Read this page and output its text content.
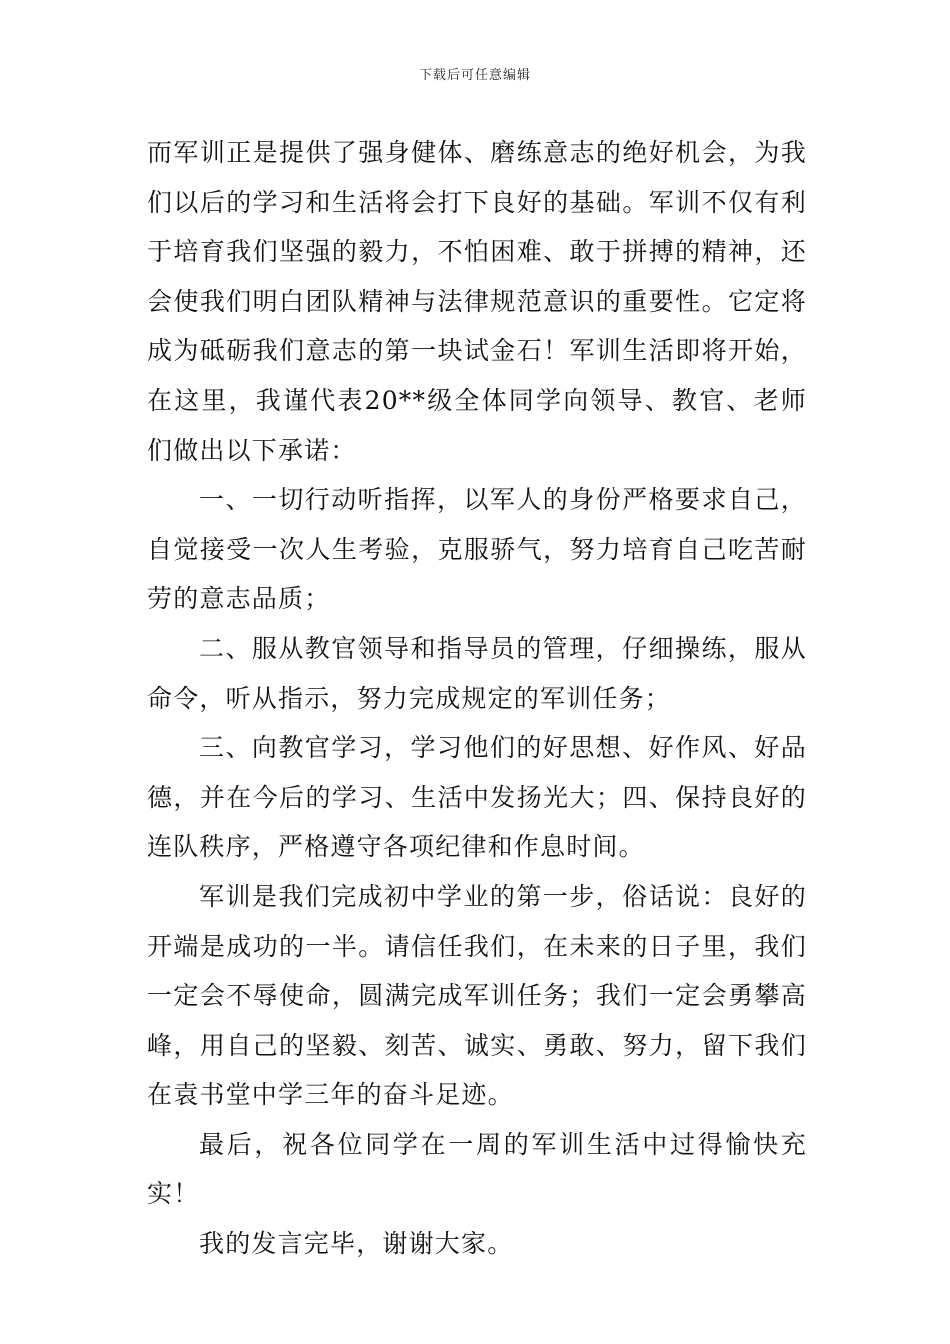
下载后可任意编辑

而军训正是提供了强身健体、磨练意志的绝好机会，为我们以后的学习和生活将会打下良好的基础。军训不仅有利于培育我们坚强的毅力，不怕困难、敢于拼搏的精神，还会使我们明白团队精神与法律规范意识的重要性。它定将成为砥砺我们意志的第一块试金石！军训生活即将开始，在这里，我谨代表20**级全体同学向领导、教官、老师们做出以下承诺：

一、一切行动听指挥，以军人的身份严格要求自己，自觉接受一次人生考验，克服骄气，努力培育自己吃苦耐劳的意志品质；

二、服从教官领导和指导员的管理，仔细操练，服从命令，听从指示，努力完成规定的军训任务；

三、向教官学习，学习他们的好思想、好作风、好品德，并在今后的学习、生活中发扬光大；四、保持良好的连队秩序，严格遵守各项纪律和作息时间。

军训是我们完成初中学业的第一步，俗话说：良好的开端是成功的一半。请信任我们，在未来的日子里，我们一定会不辱使命，圆满完成军训任务；我们一定会勇攀高峰，用自己的坚毅、刻苦、诚实、勇敢、努力，留下我们在袁书堂中学三年的奋斗足迹。

最后，祝各位同学在一周的军训生活中过得愉快充实！

我的发言完毕，谢谢大家。
